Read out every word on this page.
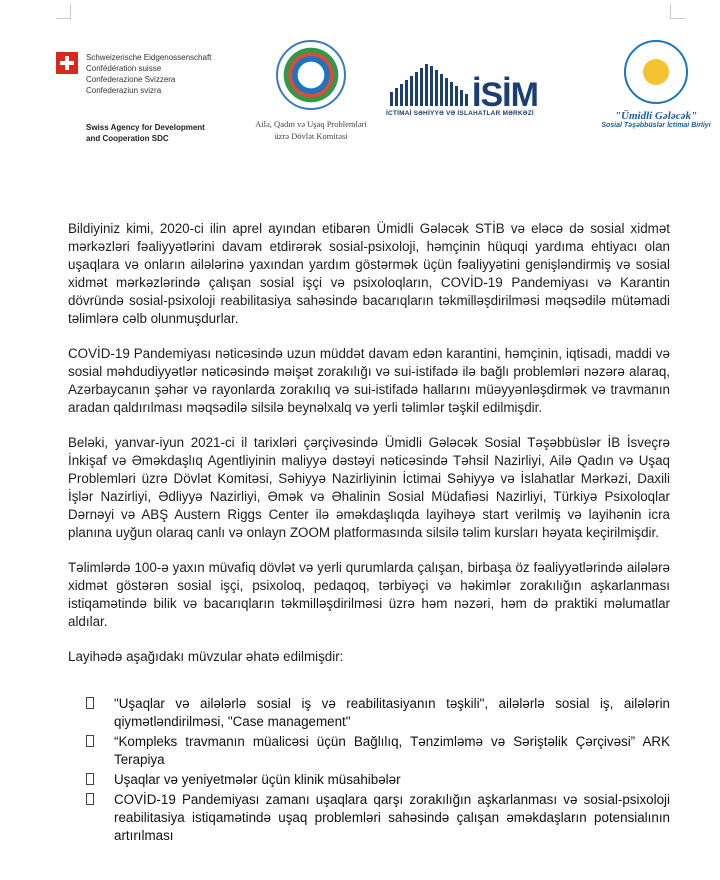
Schweizerische Eidgenossenschaft
Confédération suisse
Confederazione Svizzera
Confederaziun svizra
Swiss Agency for Development
and Cooperation SDC
Ailə, Qadın və Uşaq Problemləri
üzrə Dövlət Komitəsi
İSİM
İCTİMAİ SƏHİYYƏ VƏ İSLAHATLAR MƏRKƏZİ	"Ümidli Gələcək"
Sosial Təşəbbüslər İctimai Birliyi

Bildiyiniz kimi, 2020-ci ilin aprel ayından etibarən Ümidli Gələcək STİB və eləcə də sosial xidmət mərkəzləri fəaliyyətlərini davam etdirərək sosial-psixoloji, həmçinin hüquqi yardıma ehtiyacı olan uşaqlara və onların ailələrinə yaxından yardım göstərmək üçün fəaliyyətini genişləndirmiş və sosial xidmət mərkəzlərində çalışan sosial işçi və psixoloqların, COVİD-19 Pandemiyası və Karantin dövründə sosial-psixoloji reabilitasiya sahəsində bacarıqların təkmilləşdirilməsi məqsədilə mütəmadi təlimlərə cəlb olunmuşdurlar.

COVİD-19 Pandemiyası nəticəsində uzun müddət davam edən karantini, həmçinin, iqtisadi, maddi və sosial məhdudiyyətlər nəticəsində məişət zorakılığı və sui-istifadə ilə bağlı problemləri nəzərə alaraq, Azərbaycanın şəhər və rayonlarda zorakılıq və sui-istifadə hallarını müəyyənləşdirmək və travmanın aradan qaldırılması məqsədilə silsilə beynəlxalq və yerli təlimlər təşkil edilmişdir.

Beləki, yanvar-iyun 2021-ci il tarixləri çərçivəsində Ümidli Gələcək Sosial Təşəbbüslər İB İsveçrə İnkişaf və Əməkdaşlıq Agentliyinin maliyyə dəstəyi nəticəsində Təhsil Nazirliyi, Ailə Qadın və Uşaq Problemləri üzrə Dövlət Komitəsi, Səhiyyə Nazirliyinin İctimai Səhiyyə və İslahatlar Mərkəzi, Daxili İşlər Nazirliyi, Ədliyyə Nazirliyi, Əmək və Əhalinin Sosial Müdafiəsi Nazirliyi, Türkiyə Psixoloqlar Dərnəyi və ABŞ Austern Riggs Center ilə əməkdaşlıqda layihəyə start verilmiş və layihənin icra planına uyğun olaraq canlı və onlayn ZOOM platformasında silsilə təlim kursları həyata keçirilmişdir.

Təlimlərdə 100-ə yaxın müvafiq dövlət və yerli qurumlarda çalışan, birbaşa öz fəaliyyətlərində ailələrə xidmət göstərən sosial işçi, psixoloq, pedaqoq, tərbiyəçi və həkimlər zorakılığın aşkarlanması istiqamətində bilik və bacarıqların təkmilləşdirilməsi üzrə həm nəzəri, həm də praktiki məlumatlar aldılar.

Layihədə aşağıdakı müvzular əhatə edilmişdir:

"Uşaqlar və ailələrlə sosial iş və reabilitasiyanın təşkili", ailələrlə sosial iş, ailələrin qiymətləndirilməsi, "Case management"
“Kompleks travmanın müalicəsi üçün Bağlılıq, Tənzimləmə və Səriştəlik Çərçivəsi” ARK Terapiya
Uşaqlar və yeniyetmələr üçün klinik müsahibələr
COVİD-19 Pandemiyası zamanı uşaqlara qarşı zorakılığın aşkarlanması və sosial-psixoloji reabilitasiya istiqamətində uşaq problemləri sahəsində çalışan əməkdaşların potensialının artırılması
